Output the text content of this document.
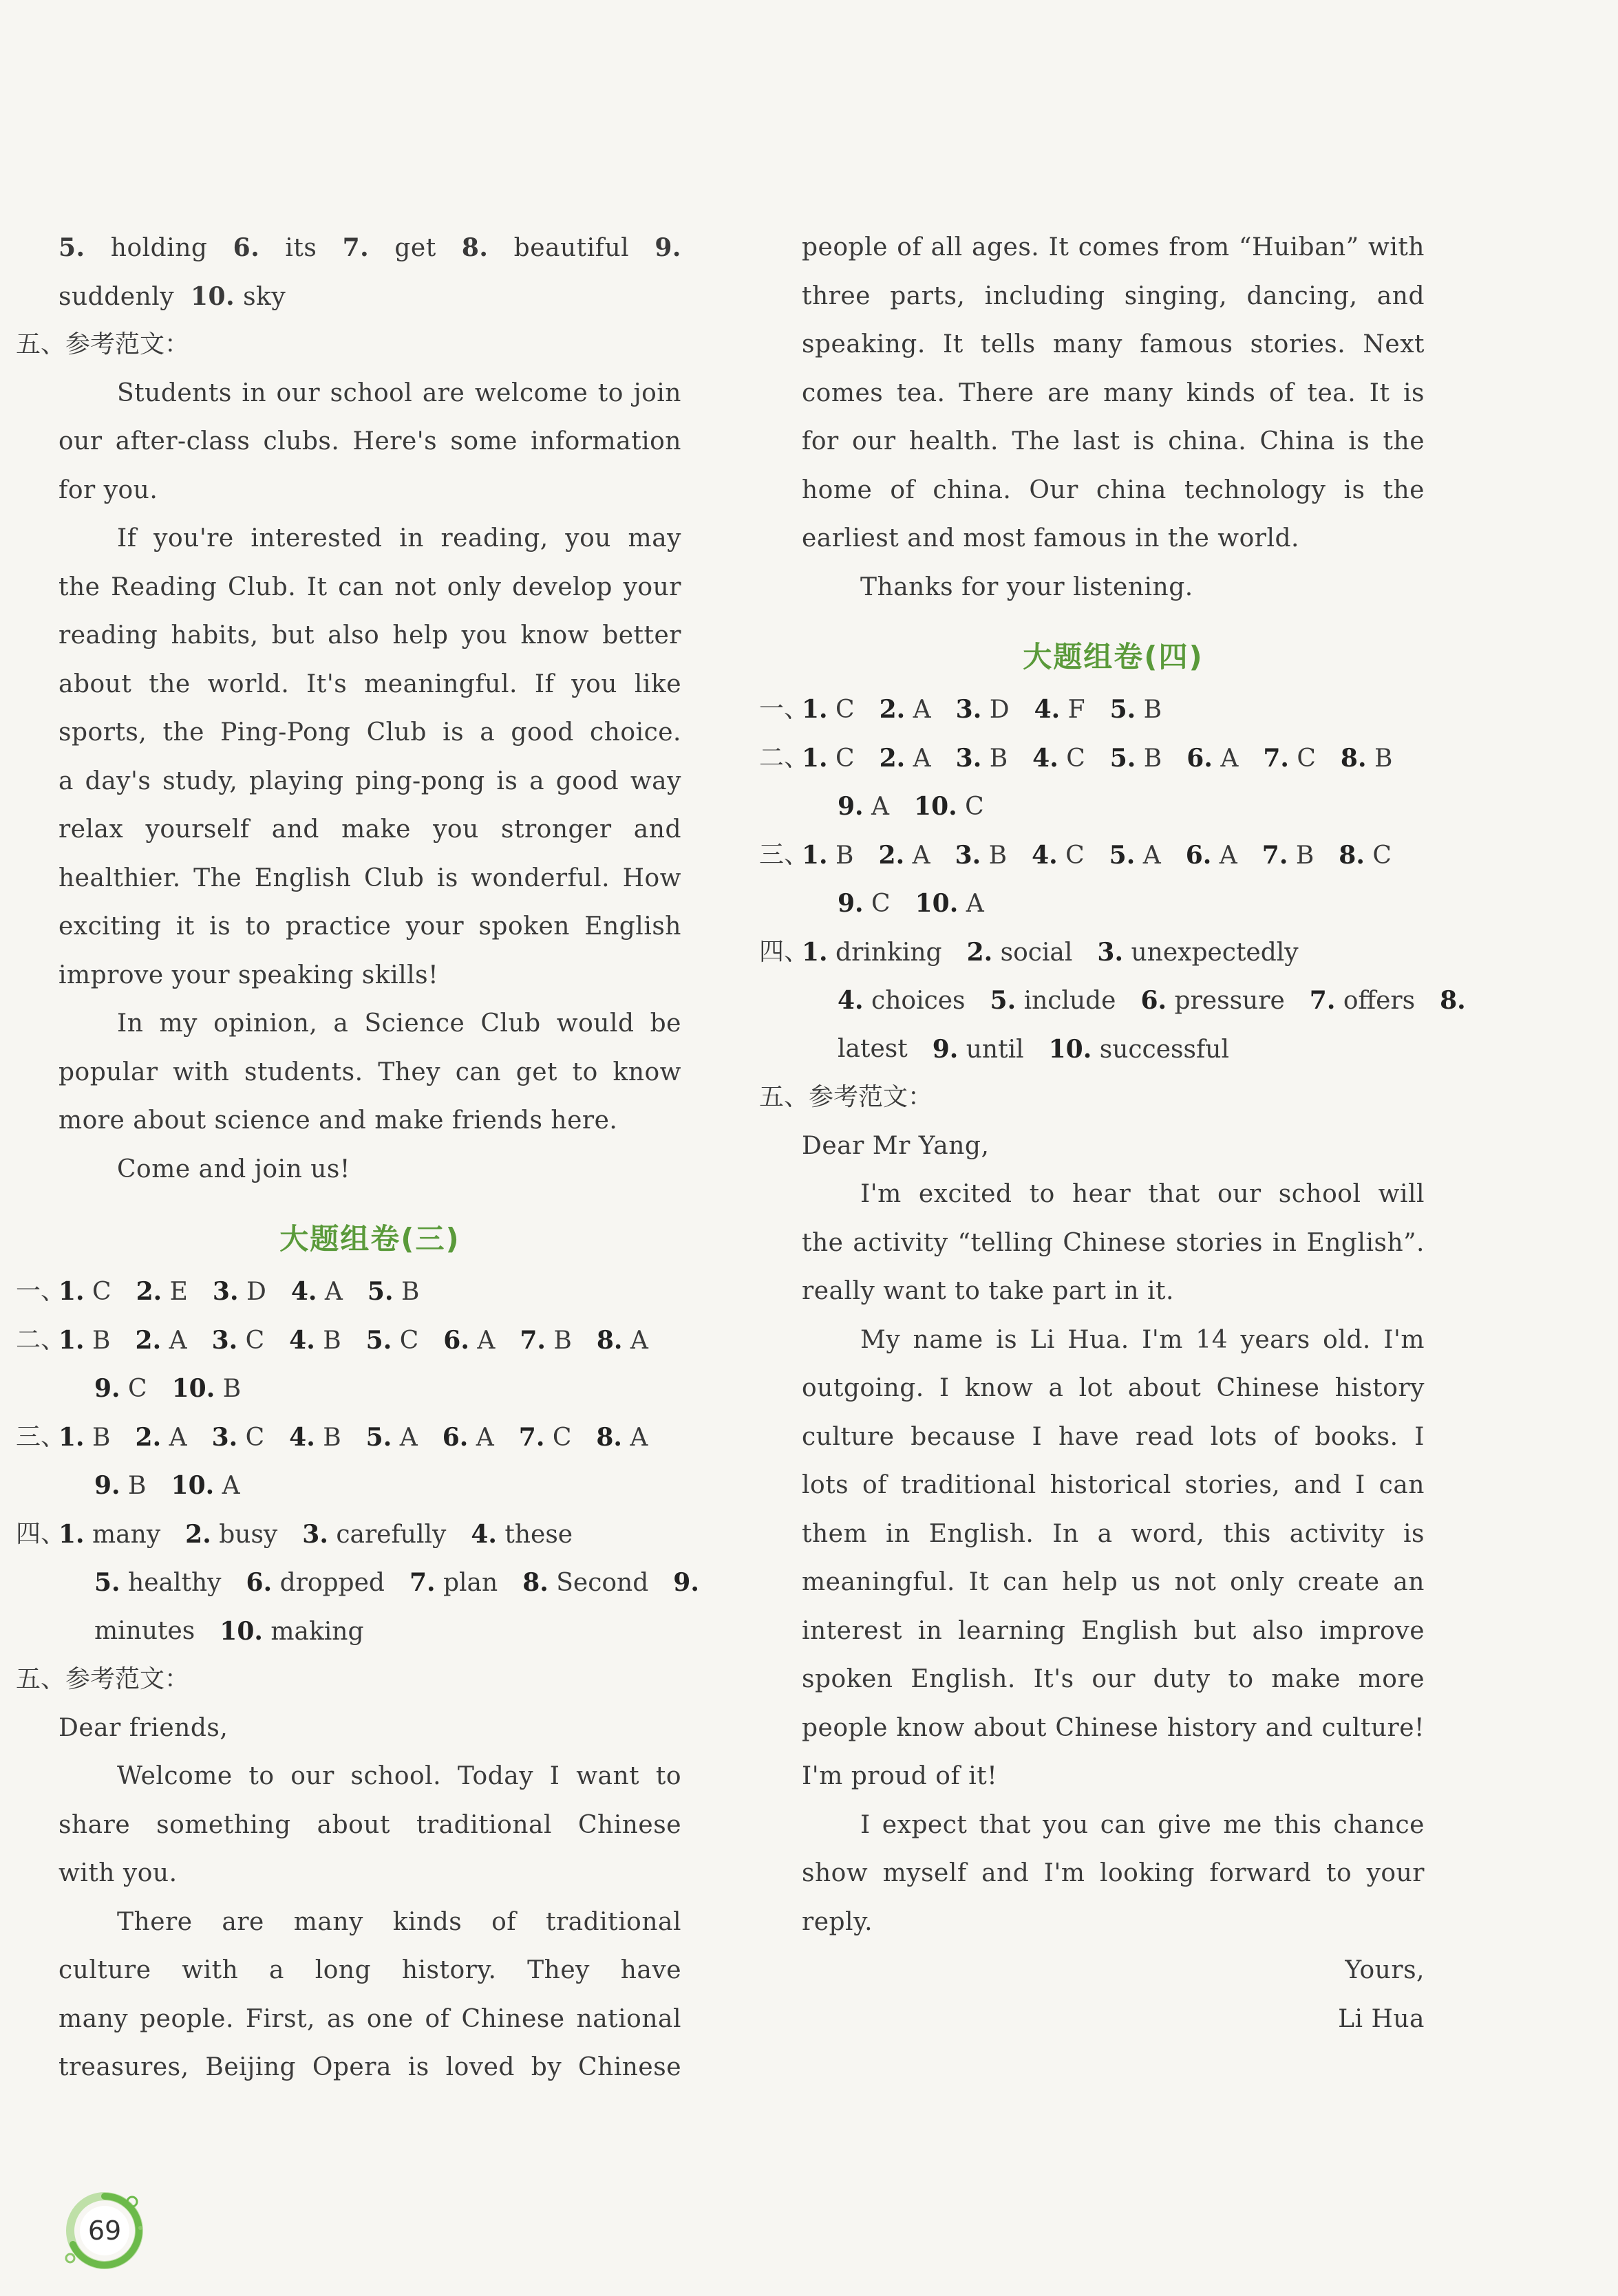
5. holding 6. its 7. get 8. beautiful 9.
suddenly 10. sky
五、参考范文：
Students in our school are welcome to join
our after-class clubs. Here's some information
for you.
If you're interested in reading, you may
the Reading Club. It can not only develop your
reading habits, but also help you know better
about the world. It's meaningful. If you like
sports, the Ping-Pong Club is a good choice.
a day's study, playing ping-pong is a good way
relax yourself and make you stronger and
healthier. The English Club is wonderful. How
exciting it is to practice your spoken English
improve your speaking skills!
In my opinion, a Science Club would be
popular with students. They can get to know
more about science and make friends here.
Come and join us!
大题组卷(三)
一、
1. C 2. E 3. D 4. A 5. B
二、
1. B 2. A 3. C 4. B 5. C 6. A 7. B 8. A
9. C 10. B
三、
1. B 2. A 3. C 4. B 5. A 6. A 7. C 8. A
9. B 10. A
四、
1. many 2. busy 3. carefully 4. these
5. healthy 6. dropped 7. plan 8. Second 9.
minutes 10. making
五、参考范文：
Dear friends,
Welcome to our school. Today I want to
share something about traditional Chinese
with you.
There are many kinds of traditional
culture with a long history. They have
many people. First, as one of Chinese national
treasures, Beijing Opera is loved by Chinese
people of all ages. It comes from “Huiban” with
three parts, including singing, dancing, and
speaking. It tells many famous stories. Next
comes tea. There are many kinds of tea. It is
for our health. The last is china. China is the
home of china. Our china technology is the
earliest and most famous in the world.
Thanks for your listening.
大题组卷(四)
一、
1. C 2. A 3. D 4. F 5. B
二、
1. C 2. A 3. B 4. C 5. B 6. A 7. C 8. B
9. A 10. C
三、
1. B 2. A 3. B 4. C 5. A 6. A 7. B 8. C
9. C 10. A
四、
1. drinking 2. social 3. unexpectedly
4. choices 5. include 6. pressure 7. offers 8.
latest 9. until 10. successful
五、参考范文：
Dear Mr Yang,
I'm excited to hear that our school will
the activity “telling Chinese stories in English”.
really want to take part in it.
My name is Li Hua. I'm 14 years old. I'm
outgoing. I know a lot about Chinese history
culture because I have read lots of books. I
lots of traditional historical stories, and I can
them in English. In a word, this activity is
meaningful. It can help us not only create an
interest in learning English but also improve
spoken English. It's our duty to make more
people know about Chinese history and culture!
I'm proud of it!
I expect that you can give me this chance
show myself and I'm looking forward to your
reply.
Yours,
Li Hua
69
